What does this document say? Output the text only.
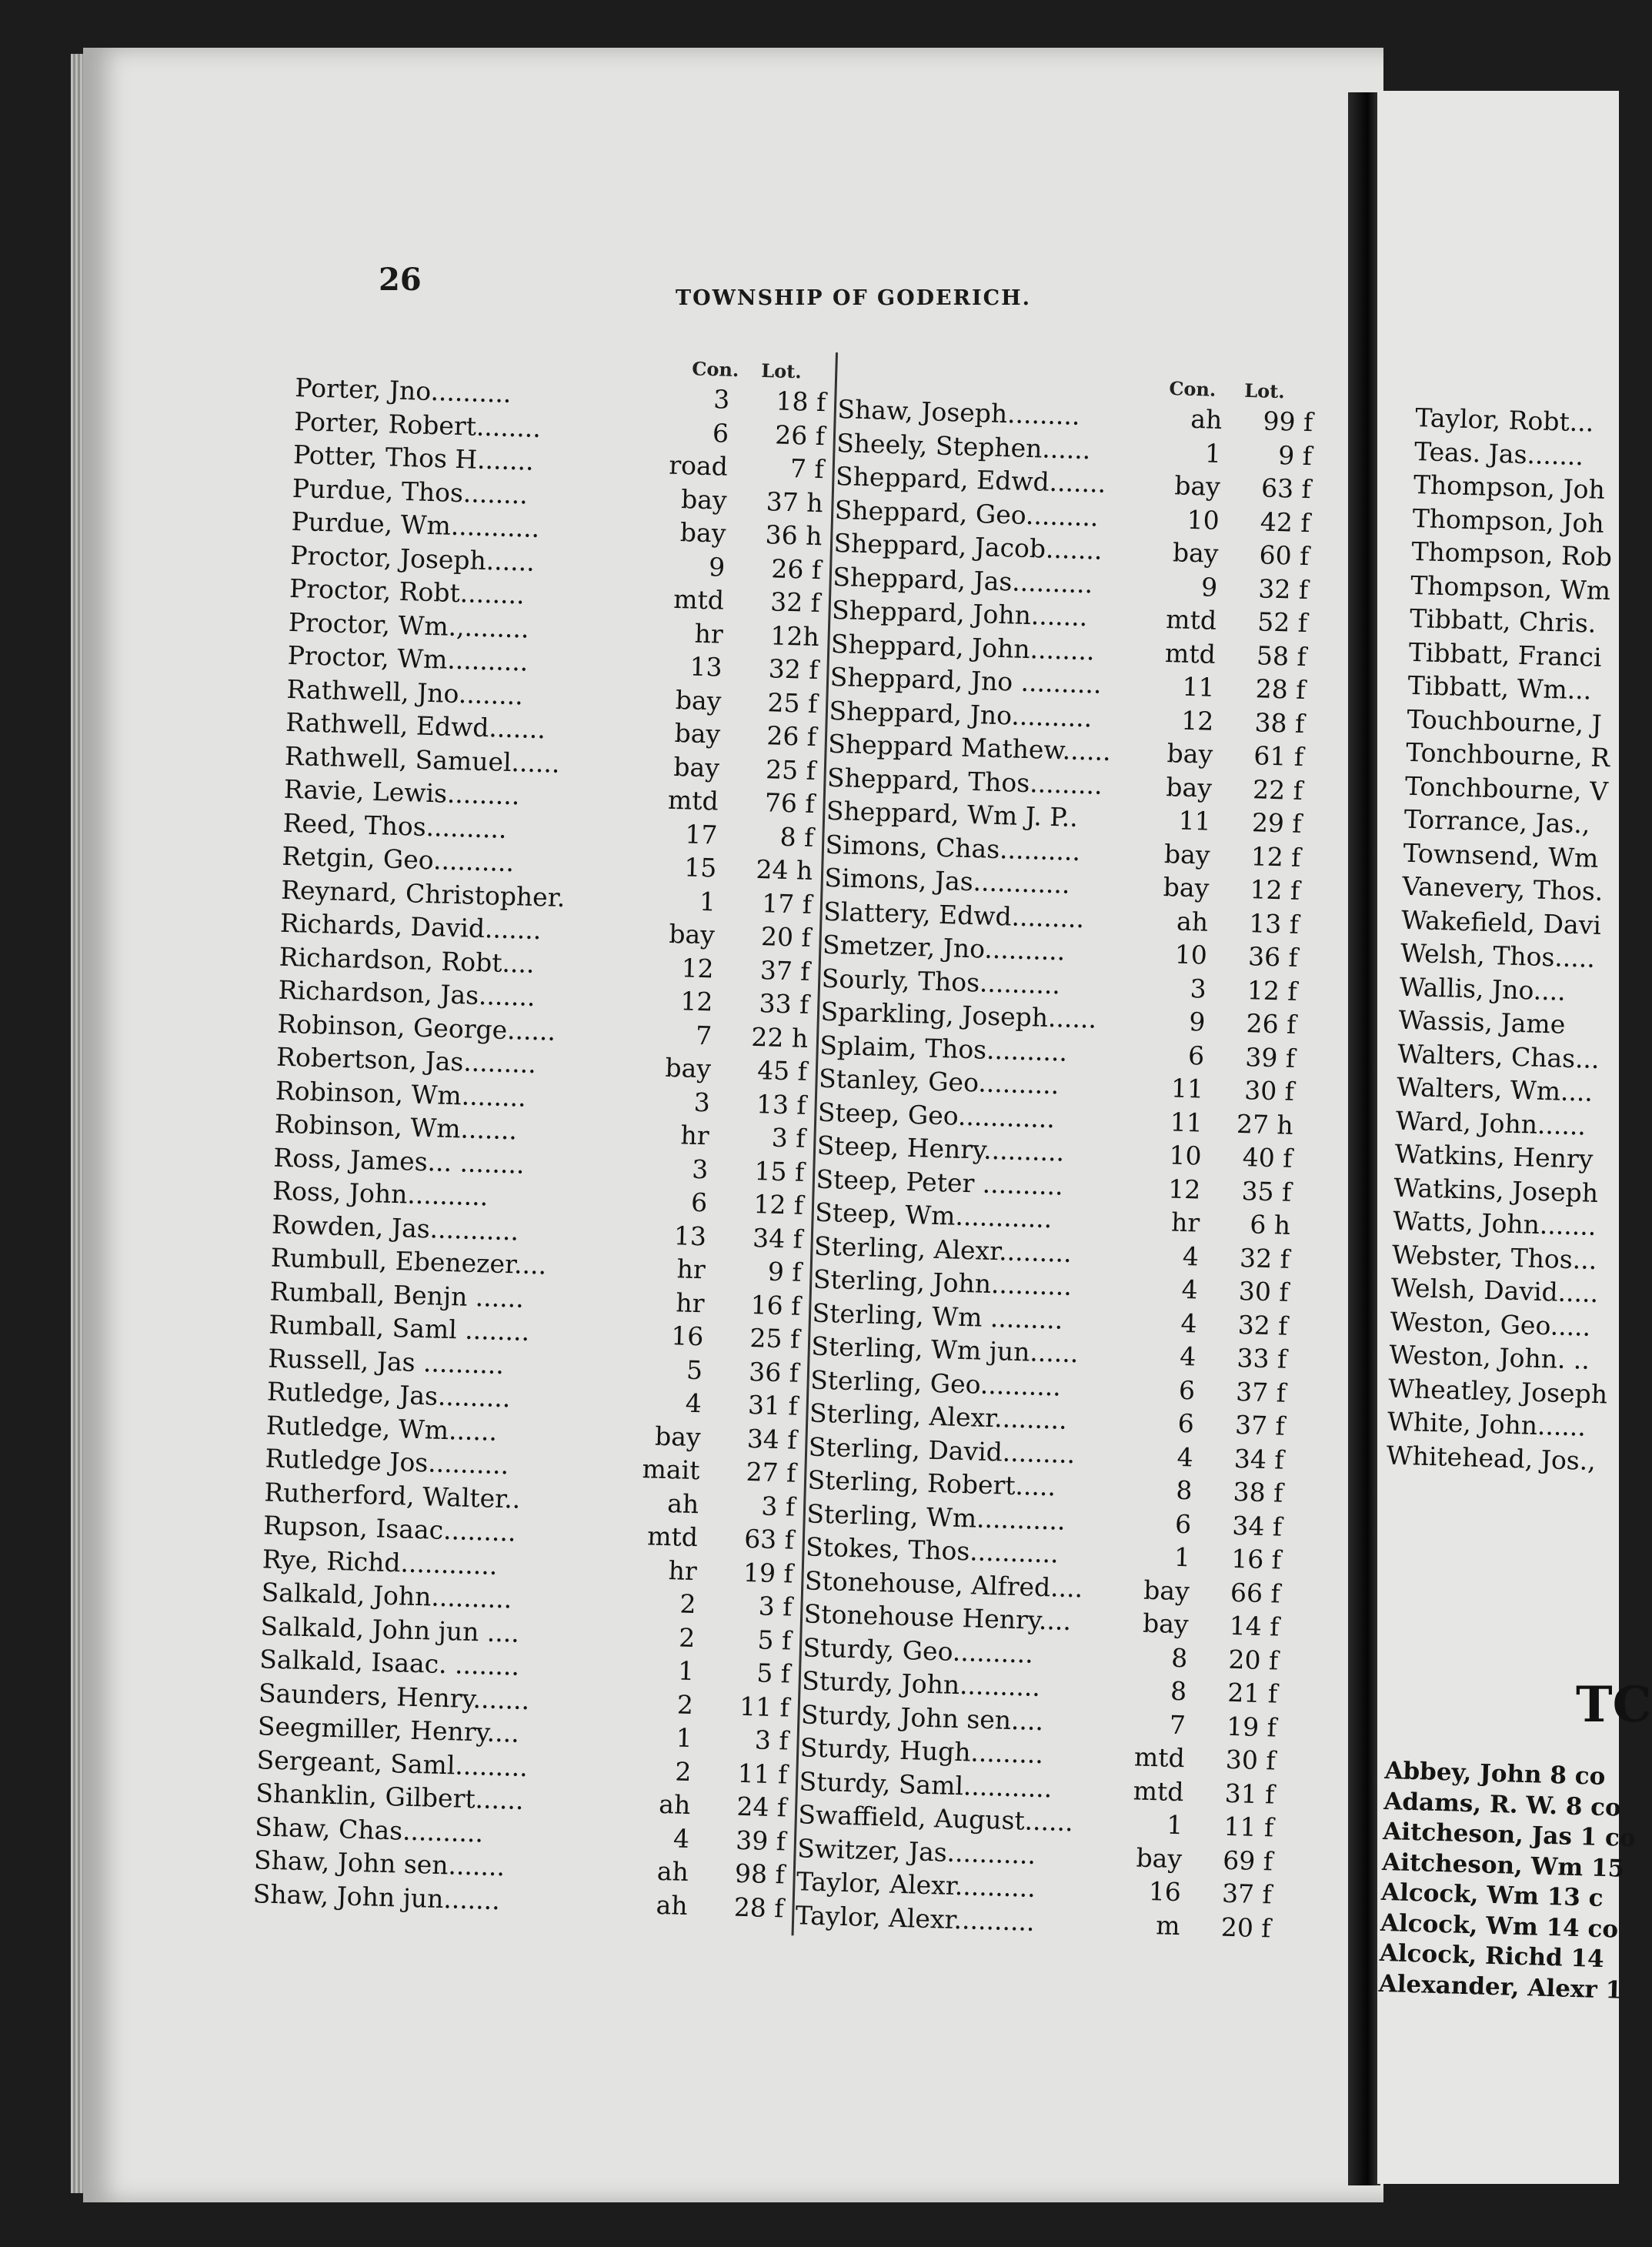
26
TOWNSHIP OF GODERICH.
Con. Lot.
Porter, Jno..........	3	18 f
Porter, Robert........	6	26 f
Potter, Thos H.......	road	7 f
Purdue, Thos........	bay	37 h
Purdue, Wm...........	bay	36 h
Proctor, Joseph......	9	26 f
Proctor, Robt........	mtd	32 f
Proctor, Wm.,........	hr	12h
Proctor, Wm..........	13	32 f
Rathwell, Jno........	bay	25 f
Rathwell, Edwd.......	bay	26 f
Rathwell, Samuel......	bay	25 f
Ravie, Lewis.........	mtd	76 f
Reed, Thos..........	17	8 f
Retgin, Geo..........	15	24 h
Reynard, Christopher.	1	17 f
Richards, David.......	bay	20 f
Richardson, Robt....	12	37 f
Richardson, Jas.......	12	33 f
Robinson, George......	7	22 h
Robertson, Jas.........	bay	45 f
Robinson, Wm........	3	13 f
Robinson, Wm.......	hr	3 f
Ross, James... ........	3	15 f
Ross, John..........	6	12 f
Rowden, Jas...........	13	34 f
Rumbull, Ebenezer....	hr	9 f
Rumball, Benjn ......	hr	16 f
Rumball, Saml ........	16	25 f
Russell, Jas ..........	5	36 f
Rutledge, Jas.........	4	31 f
Rutledge, Wm......	bay	34 f
Rutledge Jos..........	mait	27 f
Rutherford, Walter..	ah	3 f
Rupson, Isaac.........	mtd	63 f
Rye, Richd............	hr	19 f
Salkald, John..........	2	3 f
Salkald, John jun ....	2	5 f
Salkald, Isaac. ........	1	5 f
Saunders, Henry.......	2	11 f
Seegmiller, Henry....	1	3 f
Sergeant, Saml.........	2	11 f
Shanklin, Gilbert......	ah	24 f
Shaw, Chas..........	4	39 f
Shaw, John sen.......	ah	98 f
Shaw, John jun.......	ah	28 f
Con. Lot.
Shaw, Joseph.........	ah	99 f
Sheely, Stephen......	1	9 f
Sheppard, Edwd.......	bay	63 f
Sheppard, Geo.........	10	42 f
Sheppard, Jacob.......	bay	60 f
Sheppard, Jas..........	9	32 f
Sheppard, John.......	mtd	52 f
Sheppard, John........	mtd	58 f
Sheppard, Jno ..........	11	28 f
Sheppard, Jno..........	12	38 f
Sheppard Mathew......	bay	61 f
Sheppard, Thos.........	bay	22 f
Sheppard, Wm J. P..	11	29 f
Simons, Chas..........	bay	12 f
Simons, Jas............	bay	12 f
Slattery, Edwd.........	ah	13 f
Smetzer, Jno..........	10	36 f
Sourly, Thos..........	3	12 f
Sparkling, Joseph......	9	26 f
Splaim, Thos..........	6	39 f
Stanley, Geo..........	11	30 f
Steep, Geo............	11	27 h
Steep, Henry..........	10	40 f
Steep, Peter ..........	12	35 f
Steep, Wm............	hr	6 h
Sterling, Alexr.........	4	32 f
Sterling, John..........	4	30 f
Sterling, Wm .........	4	32 f
Sterling, Wm jun......	4	33 f
Sterling, Geo..........	6	37 f
Sterling, Alexr.........	6	37 f
Sterling, David.........	4	34 f
Sterling, Robert.....	8	38 f
Sterling, Wm...........	6	34 f
Stokes, Thos...........	1	16 f
Stonehouse, Alfred....	bay	66 f
Stonehouse Henry....	bay	14 f
Sturdy, Geo..........	8	20 f
Sturdy, John..........	8	21 f
Sturdy, John sen....	7	19 f
Sturdy, Hugh.........	mtd	30 f
Sturdy, Saml...........	mtd	31 f
Swaffield, August......	1	11 f
Switzer, Jas...........	bay	69 f
Taylor, Alexr..........	16	37 f
Taylor, Alexr..........	m	20 f
Taylor, Robt...
Teas. Jas.......
Thompson, Joh
Thompson, Joh
Thompson, Rob
Thompson, Wm
Tibbatt, Chris.
Tibbatt, Franci
Tibbatt, Wm...
Touchbourne, J
Tonchbourne, R
Tonchbourne, V
Torrance, Jas.,
Townsend, Wm
Vanevery, Thos.
Wakefield, Davi
Welsh, Thos.....
Wallis, Jno....
Wassis, Jame
Walters, Chas...
Walters, Wm....
Ward, John......
Watkins, Henry
Watkins, Joseph
Watts, John.......
Webster, Thos...
Welsh, David.....
Weston, Geo.....
Weston, John. ..
Wheatley, Joseph
White, John......
Whitehead, Jos.,
TC
Abbey, John 8 co
Adams, R. W. 8 co
Aitcheson, Jas 1 co
Aitcheson, Wm 15
Alcock, Wm 13 c
Alcock, Wm 14 co
Alcock, Richd 14
Alexander, Alexr 1
